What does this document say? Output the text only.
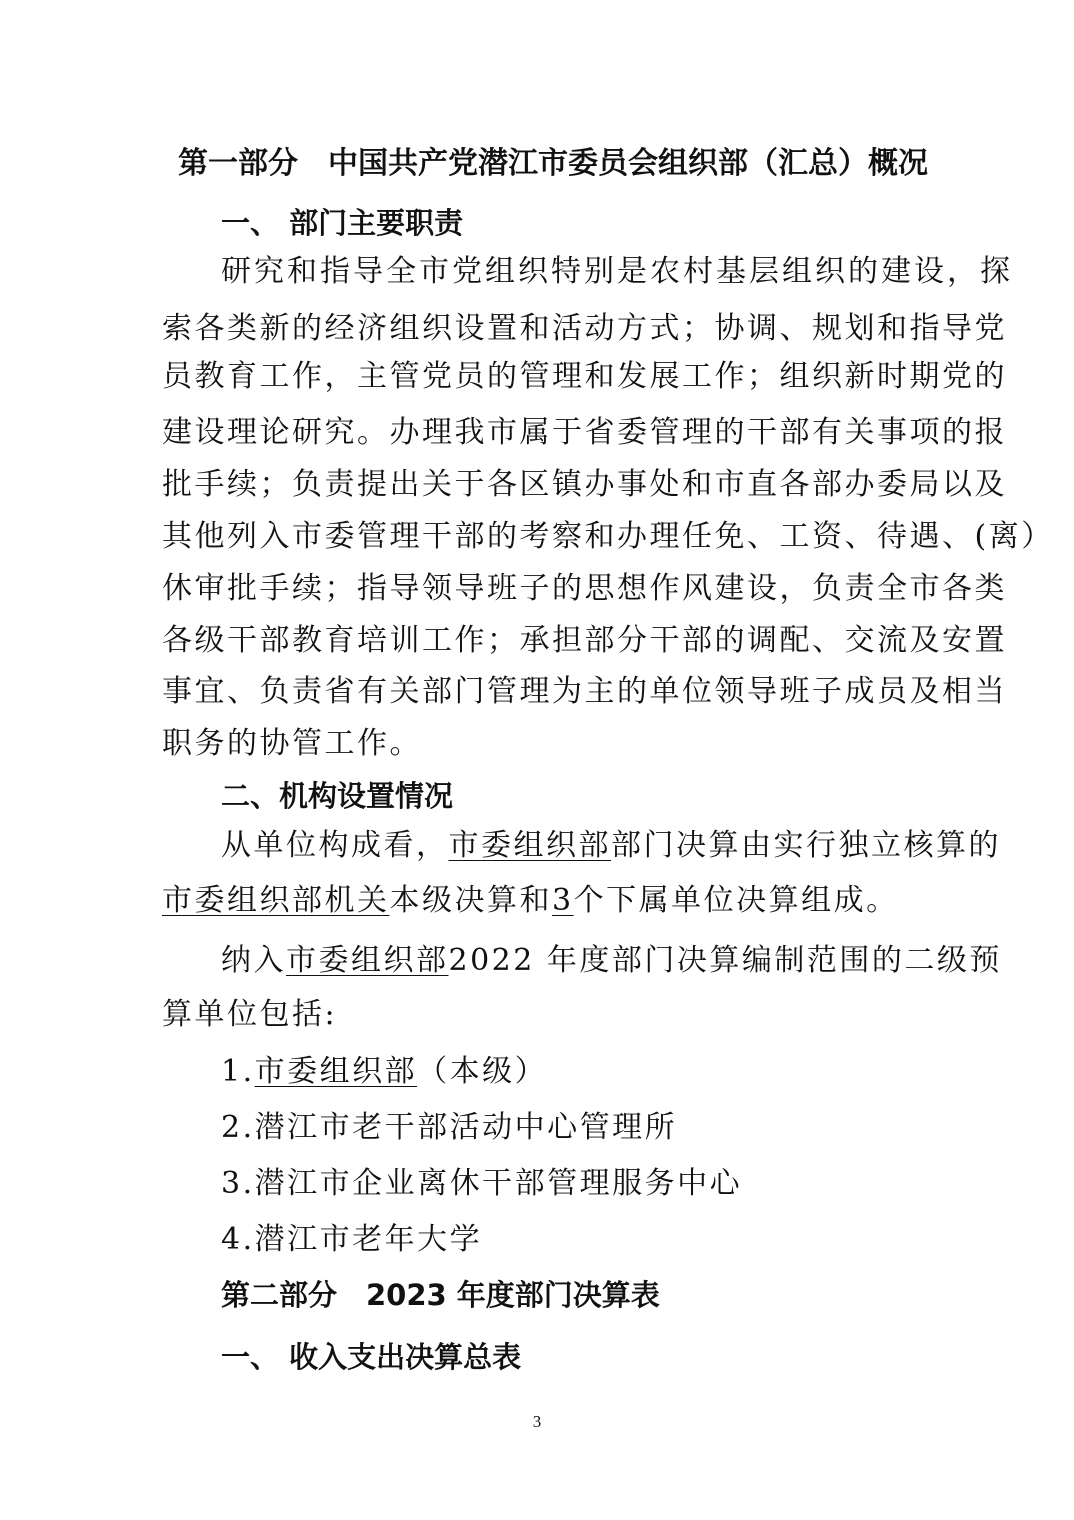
第一部分　中国共产党潜江市委员会组织部（汇总）概况
一、 部门主要职责
研究和指导全市党组织特别是农村基层组织的建设，探
索各类新的经济组织设置和活动方式；协调、规划和指导党
员教育工作，主管党员的管理和发展工作；组织新时期党的
建设理论研究。办理我市属于省委管理的干部有关事项的报
批手续；负责提出关于各区镇办事处和市直各部办委局以及
其他列入市委管理干部的考察和办理任免、工资、待遇、(离）
休审批手续；指导领导班子的思想作风建设，负责全市各类
各级干部教育培训工作；承担部分干部的调配、交流及安置
事宜、负责省有关部门管理为主的单位领导班子成员及相当
职务的协管工作。
二、机构设置情况
从单位构成看，市委组织部部门决算由实行独立核算的
市委组织部机关本级决算和3个下属单位决算组成。
纳入市委组织部2022 年度部门决算编制范围的二级预
算单位包括:
1.市委组织部（本级）
2.潜江市老干部活动中心管理所
3.潜江市企业离休干部管理服务中心
4.潜江市老年大学
第二部分　2023 年度部门决算表
一、 收入支出决算总表
3
